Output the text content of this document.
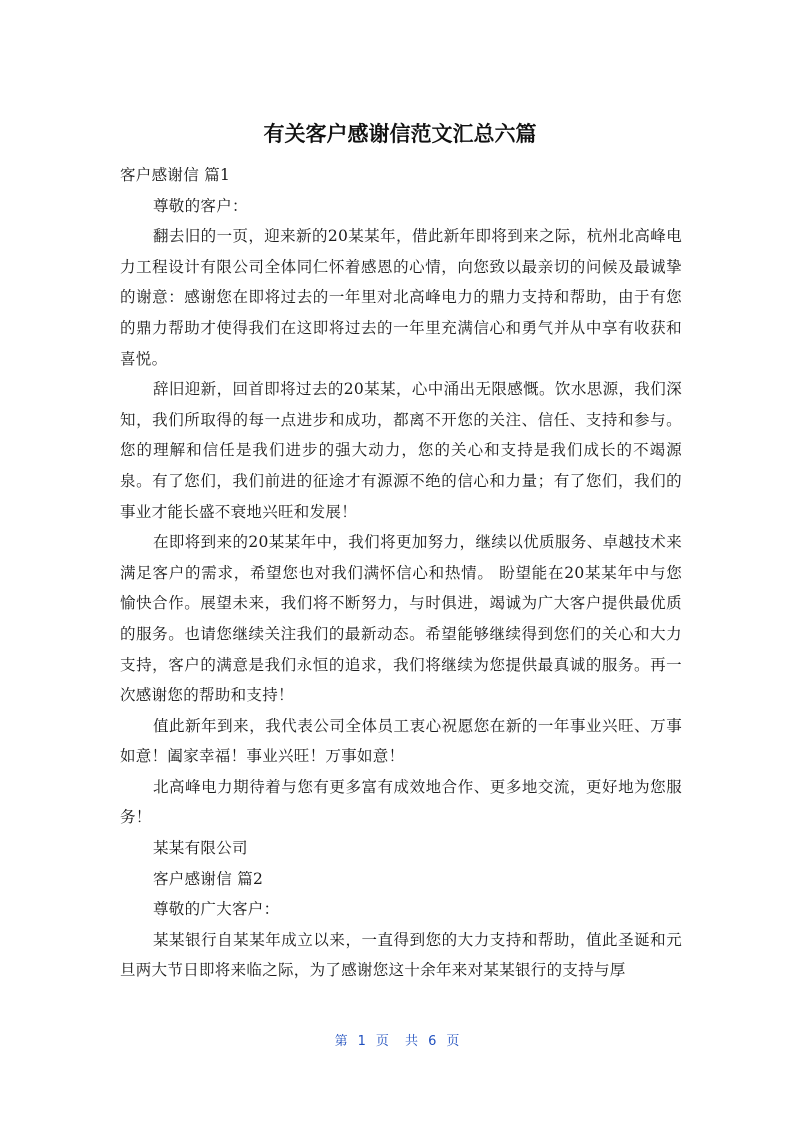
有关客户感谢信范文汇总六篇

客户感谢信 篇1

尊敬的客户：

翻去旧的一页，迎来新的20某某年，借此新年即将到来之际，杭州北高峰电力工程设计有限公司全体同仁怀着感恩的心情，向您致以最亲切的问候及最诚挚的谢意：感谢您在即将过去的一年里对北高峰电力的鼎力支持和帮助，由于有您的鼎力帮助才使得我们在这即将过去的一年里充满信心和勇气并从中享有收获和喜悦。

辞旧迎新，回首即将过去的20某某，心中涌出无限感慨。饮水思源，我们深知，我们所取得的每一点进步和成功，都离不开您的关注、信任、支持和参与。您的理解和信任是我们进步的强大动力，您的关心和支持是我们成长的不竭源泉。有了您们，我们前进的征途才有源源不绝的信心和力量；有了您们，我们的事业才能长盛不衰地兴旺和发展！

在即将到来的20某某年中，我们将更加努力，继续以优质服务、卓越技术来满足客户的需求，希望您也对我们满怀信心和热情。 盼望能在20某某年中与您愉快合作。展望未来，我们将不断努力，与时俱进，竭诚为广大客户提供最优质的服务。也请您继续关注我们的最新动态。希望能够继续得到您们的关心和大力支持，客户的满意是我们永恒的追求，我们将继续为您提供最真诚的服务。再一次感谢您的帮助和支持！

值此新年到来，我代表公司全体员工衷心祝愿您在新的一年事业兴旺、万事如意！阖家幸福！事业兴旺！万事如意！

北高峰电力期待着与您有更多富有成效地合作、更多地交流，更好地为您服务！

某某有限公司

客户感谢信 篇2

尊敬的广大客户：

某某银行自某某年成立以来，一直得到您的大力支持和帮助，值此圣诞和元旦两大节日即将来临之际，为了感谢您这十余年来对某某银行的支持与厚

第 1 页 共 6 页
